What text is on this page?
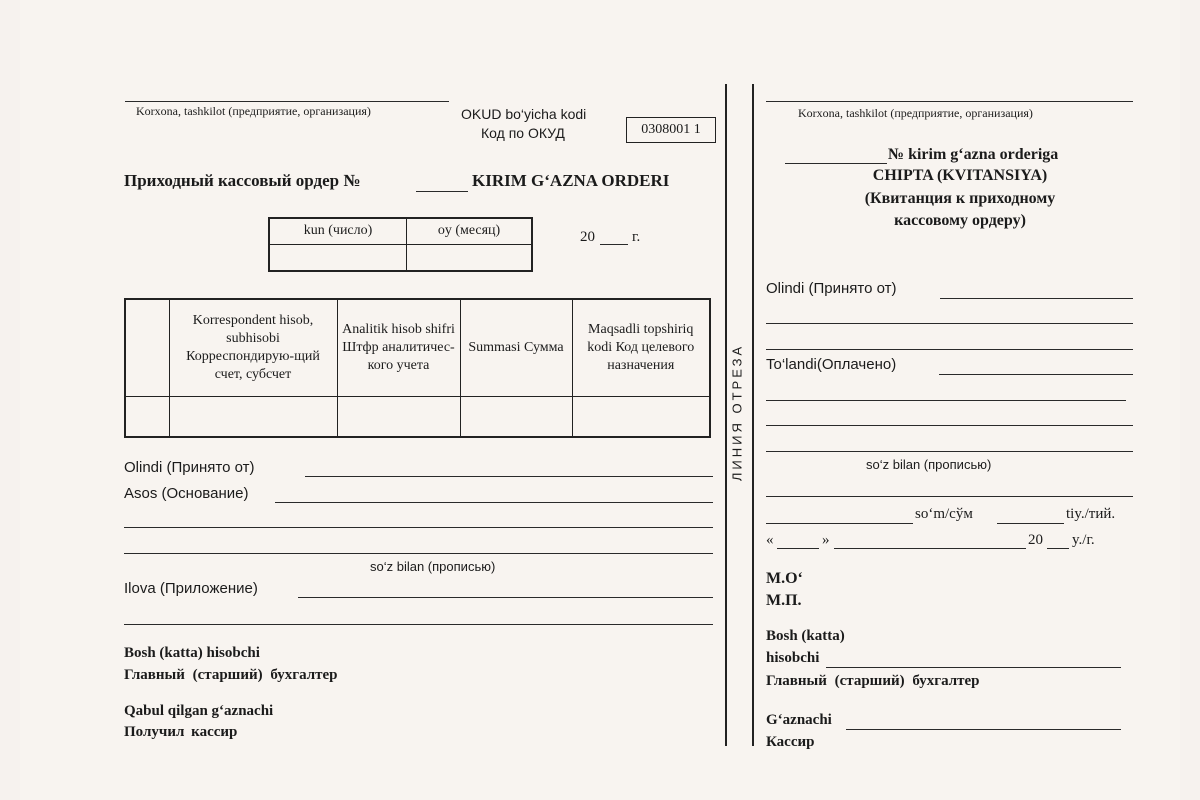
Korxona, tashkilot (предприятие, организация)	OKUD bo‘yicha kodi
Код по ОКУД	0308001 1
Приходный кассовый ордер №	KIRIM G‘AZNA ORDERI
kun (число)	oy (месяц)
		20 г.
	Korrespondent hisob, subhisobi Корреспондирую-щий счет, субсчет	Analitik hisob shifri Штфр аналитичес-кого учета	Summasi Сумма	Maqsadli topshiriq kodi Код целевого назначения

Olindi (Принято от)
Asos (Основание)
so‘z bilan (прописью)
Ilova (Приложение)
Bosh (katta) hisobchi
Главный (старший) бухгалтер
Qabul qilgan g‘aznachi
Получил кассир
ЛИНИЯ ОТРЕЗА
Korxona, tashkilot (предприятие, организация)
№ kirim g‘azna orderiga
CHIPTA (KVITANSIYA)
(Квитанция к приходному
кассовому ордеру)
Olindi (Принято от)
To‘landi(Оплачено)
so‘z bilan (прописью)
so‘m/сўм	tiy./тий.
«	»	20 y./г.
M.O‘
М.П.
Bosh (katta)
hisobchi
Главный (старший) бухгалтер
G‘aznachi
Кассир
